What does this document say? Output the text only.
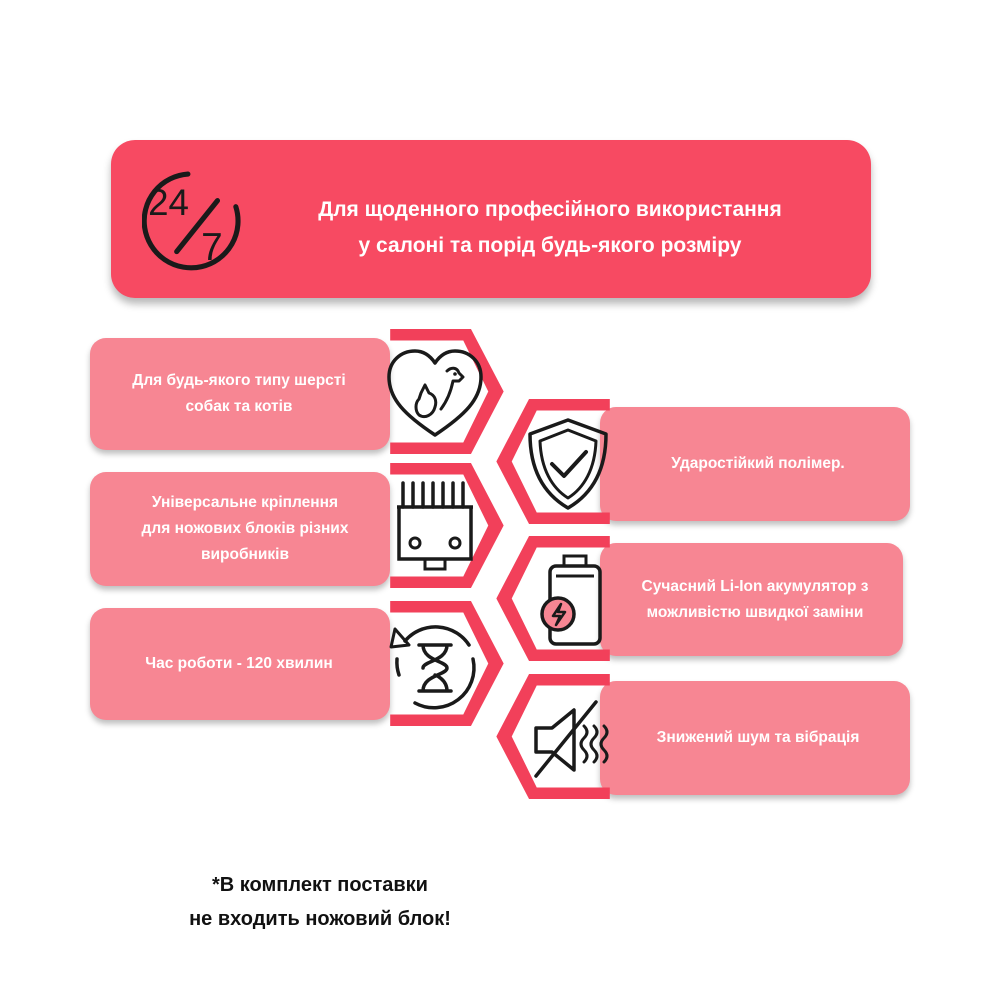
24
7
Для щоденного професійного використання
у салоні та порід будь-якого розміру
Для будь-якого типу шерсті
собак та котів
Універсальне кріплення
для ножових блоків різних
виробників
Час роботи - 120 хвилин
Ударостійкий полімер.
Сучасний Li-Ion акумулятор з
можливістю швидкої заміни
Знижений шум та вібрація
*В комплект поставки
не входить ножовий блок!
